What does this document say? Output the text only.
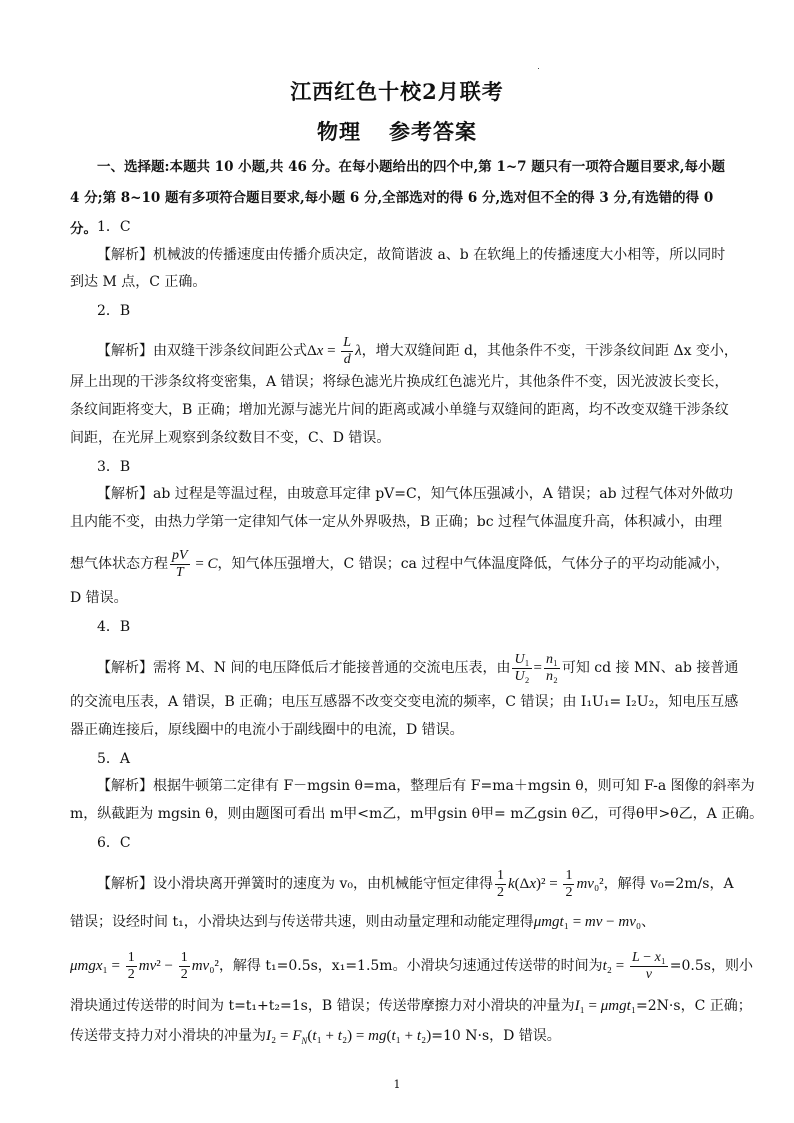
江西红色十校2月联考
物理 参考答案
一、选择题:本题共 10 小题,共 46 分。在每小题给出的四个中,第 1~7 题只有一项符合题目要求,每小题
4 分;第 8~10 题有多项符合题目要求,每小题 6 分,全部选对的得 6 分,选对但不全的得 3 分,有选错的得 0 分。 1．C
【解析】机械波的传播速度由传播介质决定，故简谐波 a、b 在软绳上的传播速度大小相等，所以同时
到达 M 点，C 正确。
2．B
【解析】由双缝干涉条纹间距公式$\Delta x = \frac{L}{d}$ λ，增大双缝间距 d，其他条件不变，干涉条纹间距 Δx 变小，
屏上出现的干涉条纹将变密集，A 错误；将绿色滤光片换成红色滤光片，其他条件不变，因光波波长变长，
条纹间距将变大，B 正确；增加光源与滤光片间的距离或减小单缝与双缝间的距离，均不改变双缝干涉条纹
间距，在光屏上观察到条纹数目不变，C、D 错误。
3．B
【解析】ab 过程是等温过程，由玻意耳定律 pV=C，知气体压强减小，A 错误；ab 过程气体对外做功
且内能不变，由热力学第一定律知气体一定从外界吸热，B 正确；bc 过程气体温度升高，体积减小，由理
想气体状态方程 $\frac{pV}{T} = C$，知气体压强增大，C 错误；ca 过程中气体温度降低，气体分子的平均动能减小，
D 错误。
4．B
【解析】需将 M、N 间的电压降低后才能接普通的交流电压表，由 $\frac{\text{U₁}}{\text{U₂}} = \frac{\text{n₁}}{\text{n₂}}$ 可知 cd 接 MN、ab 接普通
的交流电压表，A 错误，B 正确；电压互感器不改变交变电流的频率，C 错误；由 I₁U₁= I₂U₂，知电压互感
器正确连接后，原线圈中的电流小于副线圈中的电流，D 错误。
5．A
【解析】根据牛顿第二定律有 F－mgsin θ=ma，整理后有 F=ma＋mgsin θ，则可知 F-a 图像的斜率为
m，纵截距为 mgsin θ，则由题图可看出 m甲<m乙，m甲gsin θ甲= m乙gsin θ乙，可得θ甲>θ乙，A 正确。
6．C
【解析】设小滑块离开弹簧时的速度为 v₀，由机械能守恒定律得 $\frac{1}{2} k(\Delta x)^2 = \frac{1}{2} mv_0^2$，解得 v₀=2m/s，A
错误；设经时间 t₁，小滑块达到与传送带共速，则由动量定理和动能定理得μmgt₁ = mv − mv₀、
$\mu mgx_1 = \frac{1}{2} mv^2 - \frac{1}{2} mv_0^2$，解得 t₁=0.5s，x₁=1.5m。小滑块匀速通过传送带的时间为$t_2 = \frac{\text{L − x₁}}{v} =0.5s$，则小
滑块通过传送带的时间为 t=t₁+t₂=1s，B 错误；传送带摩擦力对小滑块的冲量为I₁ = μmgt₁=2N·s，C 正确；
传送带支持力对小滑块的冲量为$I_2 = F_N(t_1 + t_2) = mg(t_1 + t_2)=10$ N·s，D 错误。
1
